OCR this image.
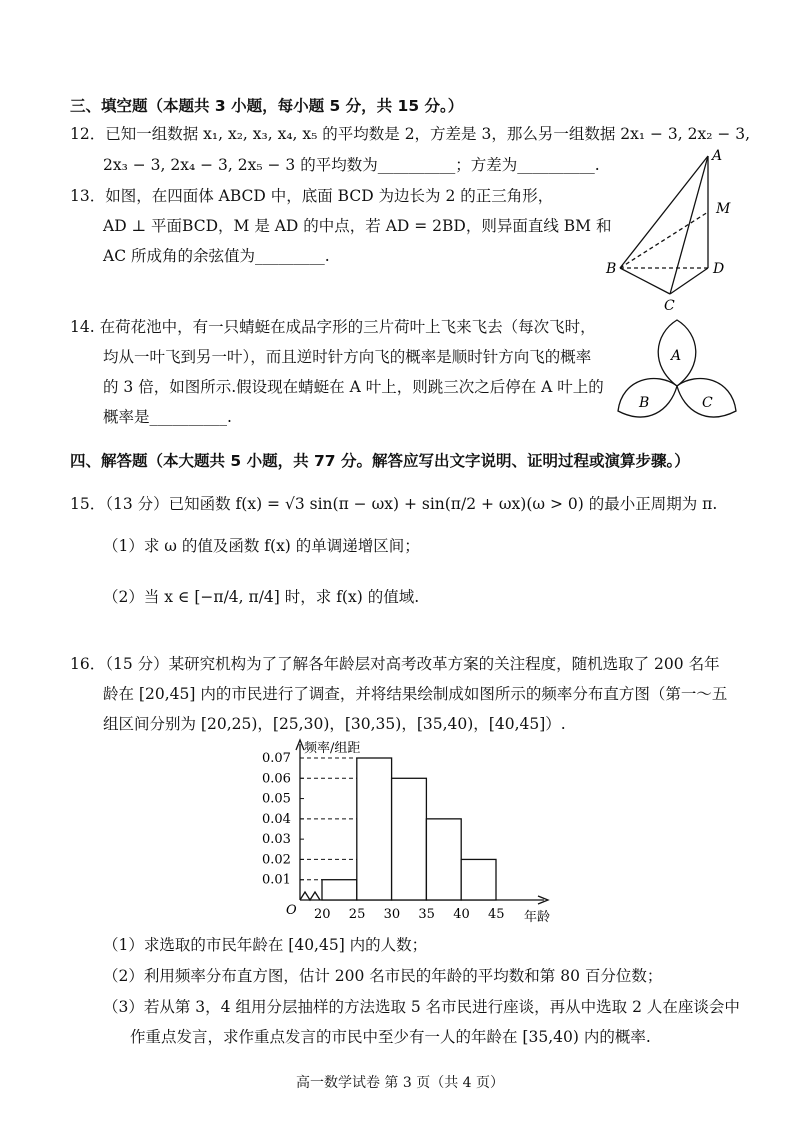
三、填空题（本题共 3 小题，每小题 5 分，共 15 分。）
12．已知一组数据 x₁, x₂, x₃, x₄, x₅ 的平均数是 2，方差是 3，那么另一组数据 2x₁ − 3, 2x₂ − 3,
2x₃ − 3, 2x₄ − 3, 2x₅ − 3 的平均数为__________；方差为__________.
13．如图，在四面体 ABCD 中，底面 BCD 为边长为 2 的正三角形，
AD ⊥ 平面BCD，M 是 AD 的中点，若 AD = 2BD，则异面直线 BM 和
AC 所成角的余弦值为_________.
A
M
B
C
D
14. 在荷花池中，有一只蜻蜓在成品字形的三片荷叶上飞来飞去（每次飞时，
均从一叶飞到另一叶），而且逆时针方向飞的概率是顺时针方向飞的概率
的 3 倍，如图所示.假设现在蜻蜓在 A 叶上，则跳三次之后停在 A 叶上的
概率是__________.
A
B	C
四、解答题（本大题共 5 小题，共 77 分。解答应写出文字说明、证明过程或演算步骤。）
15．（13 分）已知函数 f(x) = √3 sin(π − ωx) + sin(π/2 + ωx)(ω > 0) 的最小正周期为 π.
（1）求 ω 的值及函数 f(x) 的单调递增区间；
（2）当 x ∈ [−π/4, π/4] 时，求 f(x) 的值域.
16．（15 分）某研究机构为了了解各年龄层对高考改革方案的关注程度，随机选取了 200 名年
龄在 [20,45] 内的市民进行了调查，并将结果绘制成如图所示的频率分布直方图（第一～五
组区间分别为 [20,25)，[25,30)，[30,35)，[35,40)，[40,45]）.
0.01
0.02
0.03
0.04
0.05
0.06
0.07
20 25 30 35 40 45
频率/组距
年龄
O
（1）求选取的市民年龄在 [40,45] 内的人数；
（2）利用频率分布直方图，估计 200 名市民的年龄的平均数和第 80 百分位数；
（3）若从第 3，4 组用分层抽样的方法选取 5 名市民进行座谈，再从中选取 2 人在座谈会中
作重点发言，求作重点发言的市民中至少有一人的年龄在 [35,40) 内的概率.
高一数学试卷 第 3 页（共 4 页）
